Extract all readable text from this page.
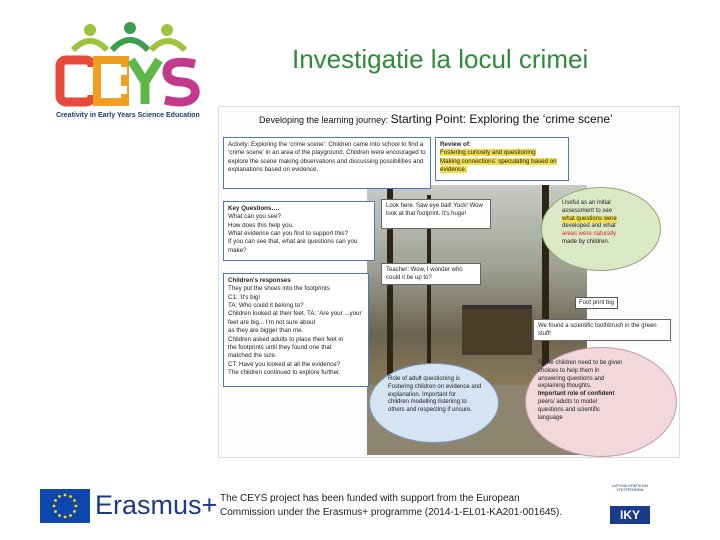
Creativity in Early Years Science Education
Investigatie la locul crimei
Developing the learning journey: Starting Point: Exploring the ‘crime scene’
Activity: Exploring the ‘crime scene’: Children came into school to find a ‘crime scene’ in an area of the playground. Children were encouraged to explore the scene making observations and discussing possibilities and explanations based on evidence.
Review of:
Fostering curiosity and questioning
Making connections: speculating based on evidence.
Key Questions….
What can you see?
How does this help you.
What evidence can you find to support this?
If you can see that, what are questions can you make?
Children's responses
They put the shoes into the footprints
C1: ‘It's big!
TA: Who could it belong to?
Children looked at their feet. TA: ‘Are your ...your feet are big... I'm not sure about
as they are bigger than me.
Children asked adults to place their feet in
the footprints until they found one that
matched the size.
CT: Have you looked at all the evidence?
The children continued to explore further.
Look here. Saw eye ball! Yuck! Wow look at that footprint. It's huge!
Teacher: Wow, I wonder who could it be up to?
Useful as an initial
assessment to see
what questions were
developed and what
areas were naturally
made by children.
Foot print big
We found a scientific toothbrush in the green stuff!
Role of adult questioning is
Fostering children on evidence and
explanation. Important for
children modelling listening to
others and respecting if unsure.
Some children need to be given
choices to help them in
answering questions and
explaining thoughts.
Important role of confident
peers/ adults to model
questions and scientific
language
Erasmus+ The CEYS project has been funded with support from the European
Commission under the Erasmus+ programme (2014-1-EL01-KA201-001645).
ΙΔΡΥΜΑ ΚΡΑΤΙΚΩΝ ΥΠΟΤΡΟΦΙΩΝ
IKY
